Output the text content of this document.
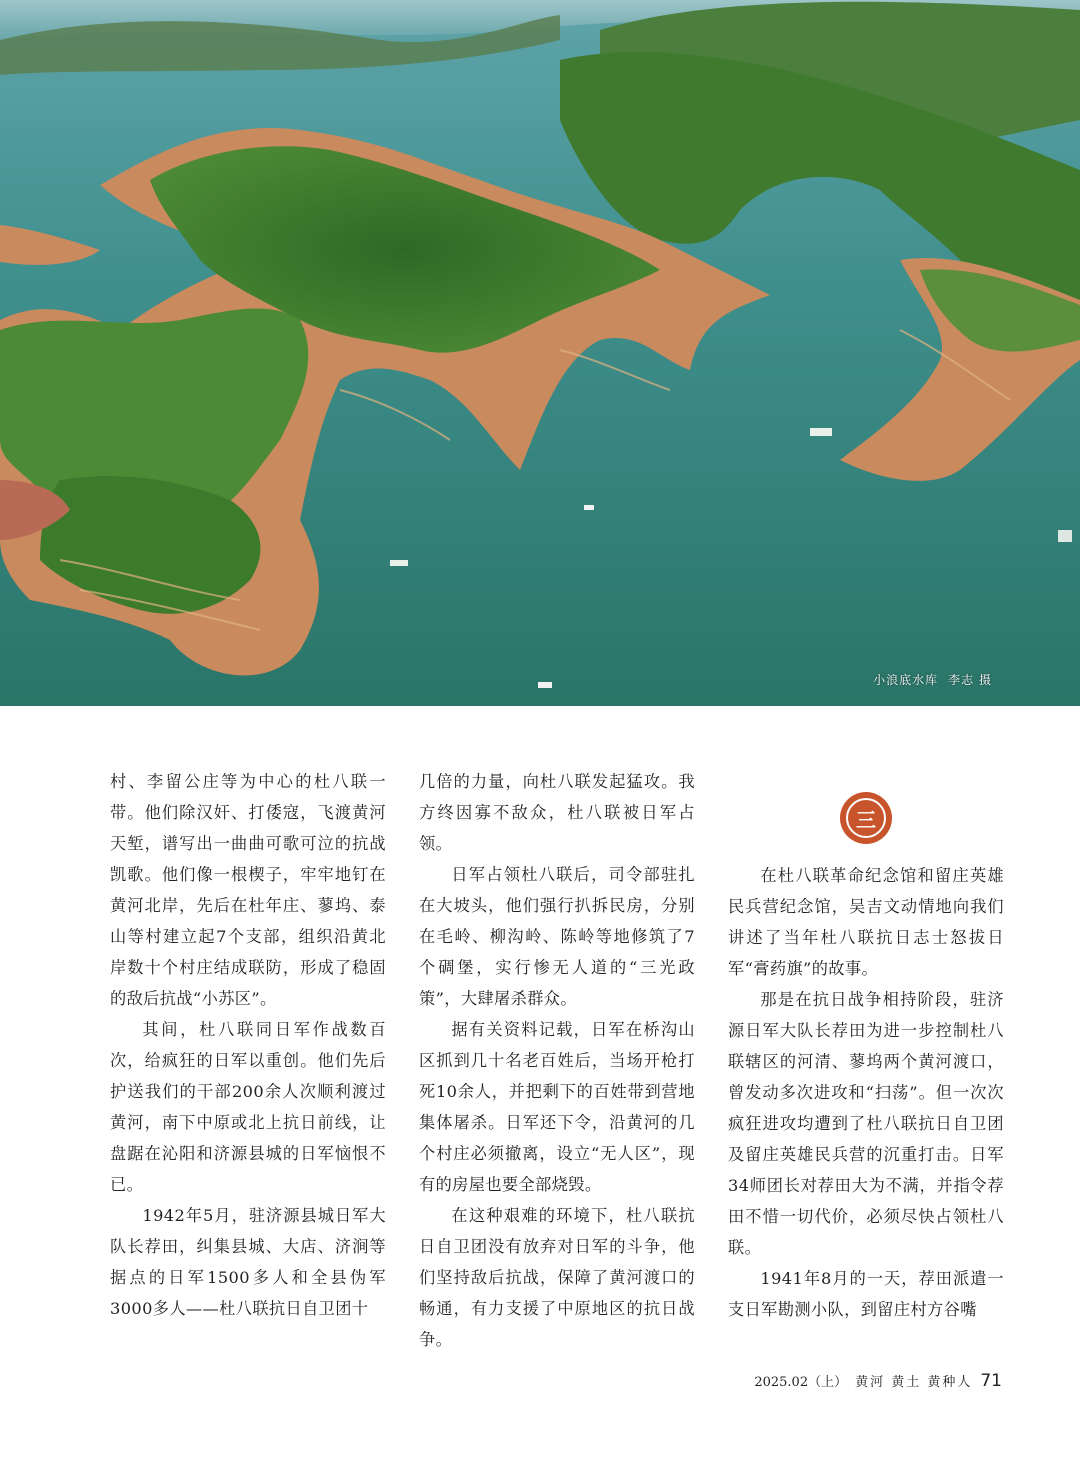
小浪底水库 李志 摄

村、李留公庄等为中心的杜八联一带。他们除汉奸、打倭寇，飞渡黄河天堑，谱写出一曲曲可歌可泣的抗战凯歌。他们像一根楔子，牢牢地钉在黄河北岸，先后在杜年庄、蓼坞、泰山等村建立起7个支部，组织沿黄北岸数十个村庄结成联防，形成了稳固的敌后抗战“小苏区”。

其间，杜八联同日军作战数百次，给疯狂的日军以重创。他们先后护送我们的干部200余人次顺利渡过黄河，南下中原或北上抗日前线，让盘踞在沁阳和济源县城的日军恼恨不已。

1942年5月，驻济源县城日军大队长荐田，纠集县城、大店、济涧等据点的日军1500多人和全县伪军3000多人——杜八联抗日自卫团十

几倍的力量，向杜八联发起猛攻。我方终因寡不敌众，杜八联被日军占领。

日军占领杜八联后，司令部驻扎在大坡头，他们强行扒拆民房，分别在毛岭、柳沟岭、陈岭等地修筑了7个碉堡，实行惨无人道的“三光政策”，大肆屠杀群众。

据有关资料记载，日军在桥沟山区抓到几十名老百姓后，当场开枪打死10余人，并把剩下的百姓带到营地集体屠杀。日军还下令，沿黄河的几个村庄必须撤离，设立“无人区”，现有的房屋也要全部烧毁。

在这种艰难的环境下，杜八联抗日自卫团没有放弃对日军的斗争，他们坚持敌后抗战，保障了黄河渡口的畅通，有力支援了中原地区的抗日战争。

三

在杜八联革命纪念馆和留庄英雄民兵营纪念馆，吴吉文动情地向我们讲述了当年杜八联抗日志士怒拔日军“膏药旗”的故事。

那是在抗日战争相持阶段，驻济源日军大队长荐田为进一步控制杜八联辖区的河清、蓼坞两个黄河渡口，曾发动多次进攻和“扫荡”。但一次次疯狂进攻均遭到了杜八联抗日自卫团及留庄英雄民兵营的沉重打击。日军34师团长对荐田大为不满，并指令荐田不惜一切代价，必须尽快占领杜八联。

1941年8月的一天，荐田派遣一支日军勘测小队，到留庄村方谷嘴

2025.02（上） 黄河 黄土 黄种人 71
